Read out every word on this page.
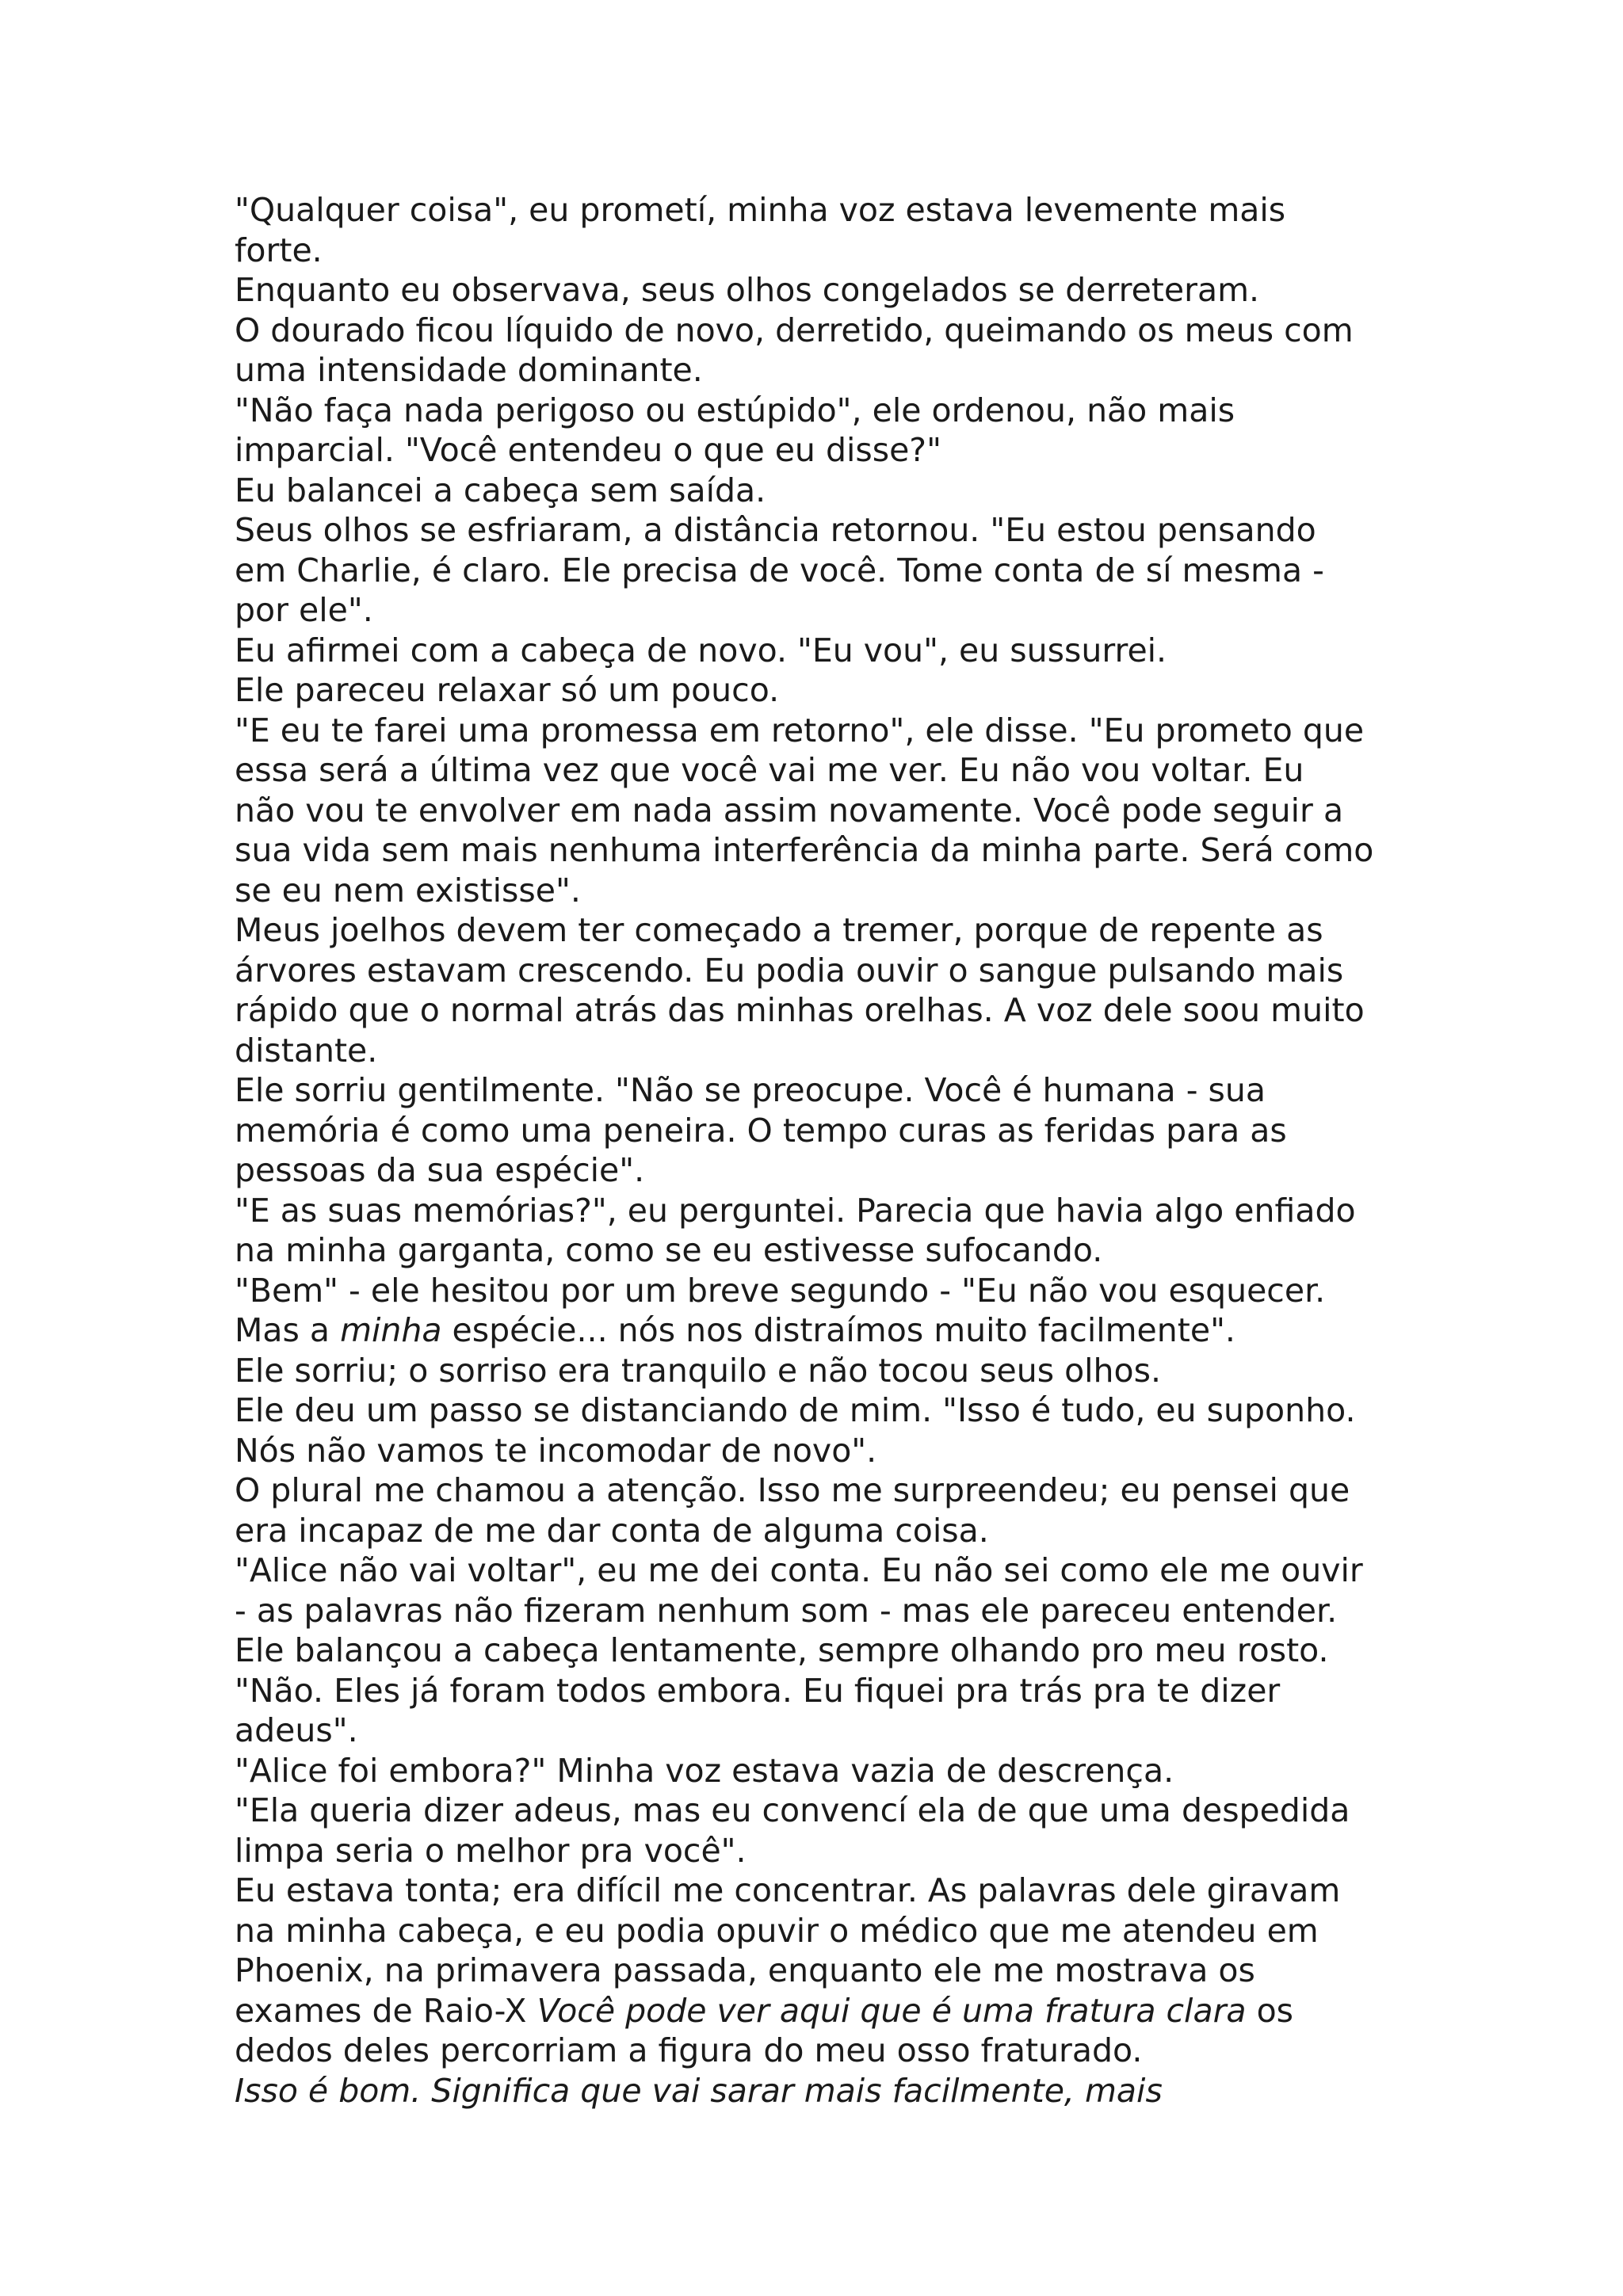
"Qualquer coisa", eu prometí, minha voz estava levemente mais
forte.
Enquanto eu observava, seus olhos congelados se derreteram.
O dourado ficou líquido de novo, derretido, queimando os meus com
uma intensidade dominante.
"Não faça nada perigoso ou estúpido", ele ordenou, não mais
imparcial. "Você entendeu o que eu disse?"
Eu balancei a cabeça sem saída.
Seus olhos se esfriaram, a distância retornou. "Eu estou pensando
em Charlie, é claro. Ele precisa de você. Tome conta de sí mesma -
por ele".
Eu afirmei com a cabeça de novo. "Eu vou", eu sussurrei.
Ele pareceu relaxar só um pouco.
"E eu te farei uma promessa em retorno", ele disse. "Eu prometo que
essa será a última vez que você vai me ver. Eu não vou voltar. Eu
não vou te envolver em nada assim novamente. Você pode seguir a
sua vida sem mais nenhuma interferência da minha parte. Será como
se eu nem existisse".
Meus joelhos devem ter começado a tremer, porque de repente as
árvores estavam crescendo. Eu podia ouvir o sangue pulsando mais
rápido que o normal atrás das minhas orelhas. A voz dele soou muito
distante.
Ele sorriu gentilmente. "Não se preocupe. Você é humana - sua
memória é como uma peneira. O tempo curas as feridas para as
pessoas da sua espécie".
"E as suas memórias?", eu perguntei. Parecia que havia algo enfiado
na minha garganta, como se eu estivesse sufocando.
"Bem" - ele hesitou por um breve segundo - "Eu não vou esquecer.
Mas a minha espécie... nós nos distraímos muito facilmente".
Ele sorriu; o sorriso era tranquilo e não tocou seus olhos.
Ele deu um passo se distanciando de mim. "Isso é tudo, eu suponho.
Nós não vamos te incomodar de novo".
O plural me chamou a atenção. Isso me surpreendeu; eu pensei que
era incapaz de me dar conta de alguma coisa.
"Alice não vai voltar", eu me dei conta. Eu não sei como ele me ouvir
- as palavras não fizeram nenhum som - mas ele pareceu entender.
Ele balançou a cabeça lentamente, sempre olhando pro meu rosto.
"Não. Eles já foram todos embora. Eu fiquei pra trás pra te dizer
adeus".
"Alice foi embora?" Minha voz estava vazia de descrença.
"Ela queria dizer adeus, mas eu convencí ela de que uma despedida
limpa seria o melhor pra você".
Eu estava tonta; era difícil me concentrar. As palavras dele giravam
na minha cabeça, e eu podia opuvir o médico que me atendeu em
Phoenix, na primavera passada, enquanto ele me mostrava os
exames de Raio-X Você pode ver aqui que é uma fratura clara os
dedos deles percorriam a figura do meu osso fraturado.
Isso é bom. Significa que vai sarar mais facilmente, mais
